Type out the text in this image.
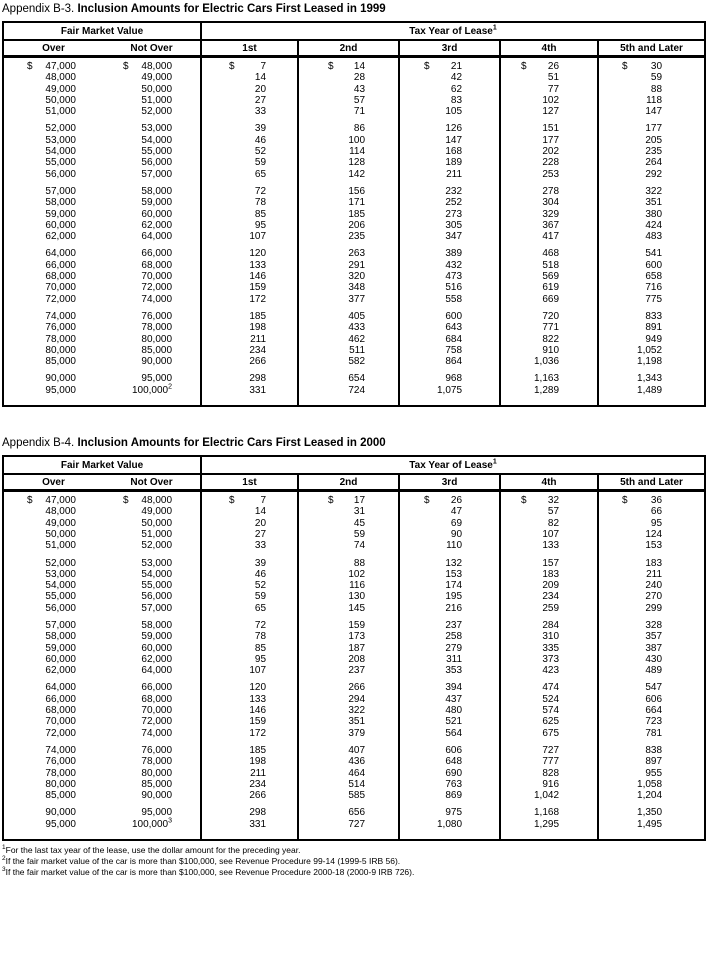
Appendix B-3. Inclusion Amounts for Electric Cars First Leased in 1999
Fair Market Value		Tax Year of Lease$^1$
Over	Not Over	1st	2nd	3rd	4th	5th and Later

$ 47,000	$ 48,000	$ 7	$ 14	$ 21	$ 26	$ 30

48,000	49,000	14	28	42	51	59

49,000	50,000	20	43	62	77	88

50,000	51,000	27	57	83	102	118

51,000	52,000	33	71	105	127	147

52,000	53,000	39	86	126	151	177

53,000	54,000	46	100	147	177	205

54,000	55,000	52	114	168	202	235

55,000	56,000	59	128	189	228	264

56,000	57,000	65	142	211	253	292

57,000	58,000	72	156	232	278	322

58,000	59,000	78	171	252	304	351

59,000	60,000	85	185	273	329	380

60,000	62,000	95	206	305	367	424

62,000	64,000	107	235	347	417	483

64,000	66,000	120	263	389	468	541

66,000	68,000	133	291	432	518	600

68,000	70,000	146	320	473	569	658

70,000	72,000	159	348	516	619	716

72,000	74,000	172	377	558	669	775

74,000	76,000	185	405	600	720	833

76,000	78,000	198	433	643	771	891

78,000	80,000	211	462	684	822	949

80,000	85,000	234	511	758	910	1,052

85,000	90,000	266	582	864	1,036	1,198

90,000	95,000	298	654	968	1,163	1,343

95,000	100,000$^2$	331	724	1,075	1,289	1,489
Appendix B-4. Inclusion Amounts for Electric Cars First Leased in 2000
Fair Market Value		Tax Year of Lease$^1$
Over	Not Over	1st	2nd	3rd	4th	5th and Later

$ 47,000	$ 48,000	$ 7	$ 17	$ 26	$ 32	$ 36

48,000	49,000	14	31	47	57	66

49,000	50,000	20	45	69	82	95

50,000	51,000	27	59	90	107	124

51,000	52,000	33	74	110	133	153

52,000	53,000	39	88	132	157	183

53,000	54,000	46	102	153	183	211

54,000	55,000	52	116	174	209	240

55,000	56,000	59	130	195	234	270

56,000	57,000	65	145	216	259	299

57,000	58,000	72	159	237	284	328

58,000	59,000	78	173	258	310	357

59,000	60,000	85	187	279	335	387

60,000	62,000	95	208	311	373	430

62,000	64,000	107	237	353	423	489

64,000	66,000	120	266	394	474	547

66,000	68,000	133	294	437	524	606

68,000	70,000	146	322	480	574	664

70,000	72,000	159	351	521	625	723

72,000	74,000	172	379	564	675	781

74,000	76,000	185	407	606	727	838

76,000	78,000	198	436	648	777	897

78,000	80,000	211	464	690	828	955

80,000	85,000	234	514	763	916	1,058

85,000	90,000	266	585	869	1,042	1,204

90,000	95,000	298	656	975	1,168	1,350

95,000	100,000$^3$	331	727	1,080	1,295	1,495
$^1$For the last tax year of the lease, use the dollar amount for the preceding year.
$^2$If the fair market value of the car is more than $100,000, see Revenue Procedure 99-14 (1999-5 IRB 56).
$^3$If the fair market value of the car is more than $100,000, see Revenue Procedure 2000-18 (2000-9 IRB 726).
